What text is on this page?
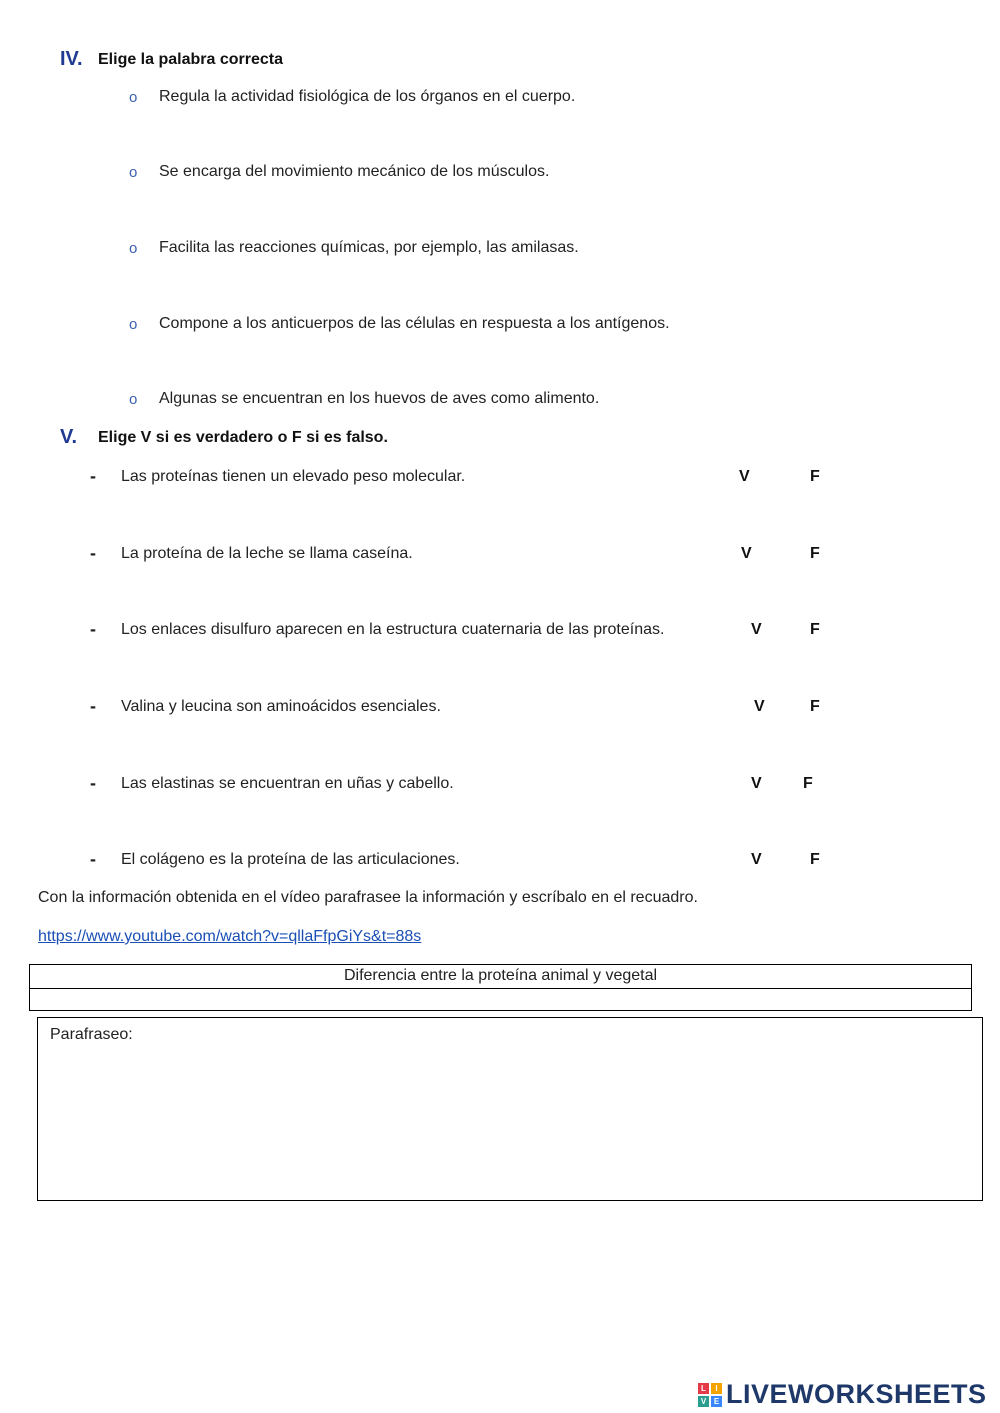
IV. Elige la palabra correcta
o Regula la actividad fisiológica de los órganos en el cuerpo.
o Se encarga del movimiento mecánico de los músculos.
o Facilita las reacciones químicas, por ejemplo, las amilasas.
o Compone a los anticuerpos de las células en respuesta a los antígenos.
o Algunas se encuentran en los huevos de aves como alimento.
V. Elige V si es verdadero o F si es falso.
- Las proteínas tienen un elevado peso molecular.	V	F
- La proteína de la leche se llama caseína.	V	F
- Los enlaces disulfuro aparecen en la estructura cuaternaria de las proteínas.	V	F
- Valina y leucina son aminoácidos esenciales.	V	F
- Las elastinas se encuentran en uñas y cabello.	V	F
- El colágeno es la proteína de las articulaciones.	V	F
Con la información obtenida en el vídeo parafrasee la información y escríbalo en el recuadro.
https://www.youtube.com/watch?v=qllaFfpGiYs&t=88s
Diferencia entre la proteína animal y vegetal
Parafraseo:
L	I
V E LIVEWORKSHEETS
